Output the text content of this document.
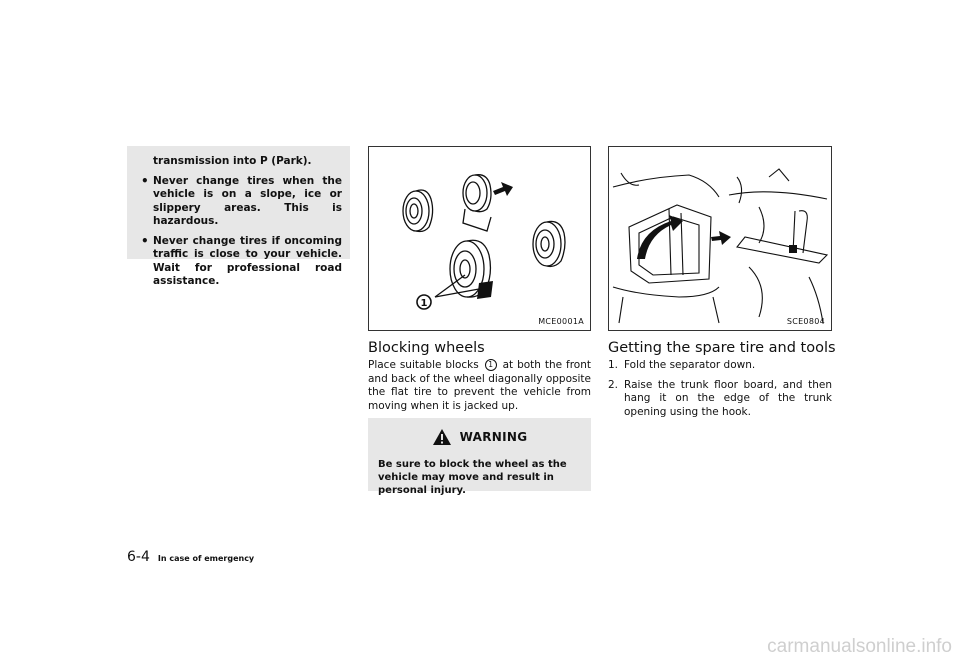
transmission into P (Park).

• Never change tires when the vehicle is on a slope, ice or slippery areas. This is hazardous.
• Never change tires if oncoming traffic is close to your vehicle. Wait for professional road assistance.
1
MCE0001A	SCE0804
Blocking wheels
Place suitable blocks 1 at both the front and back of the wheel diagonally opposite the flat tire to prevent the vehicle from moving when it is jacked up.
WARNING
Be sure to block the wheel as the vehicle may move and result in personal injury.
Getting the spare tire and tools
1. Fold the separator down.
2. Raise the trunk floor board, and then hang it on the edge of the trunk opening using the hook.
6-4 In case of emergency
carmanualsonline.info
